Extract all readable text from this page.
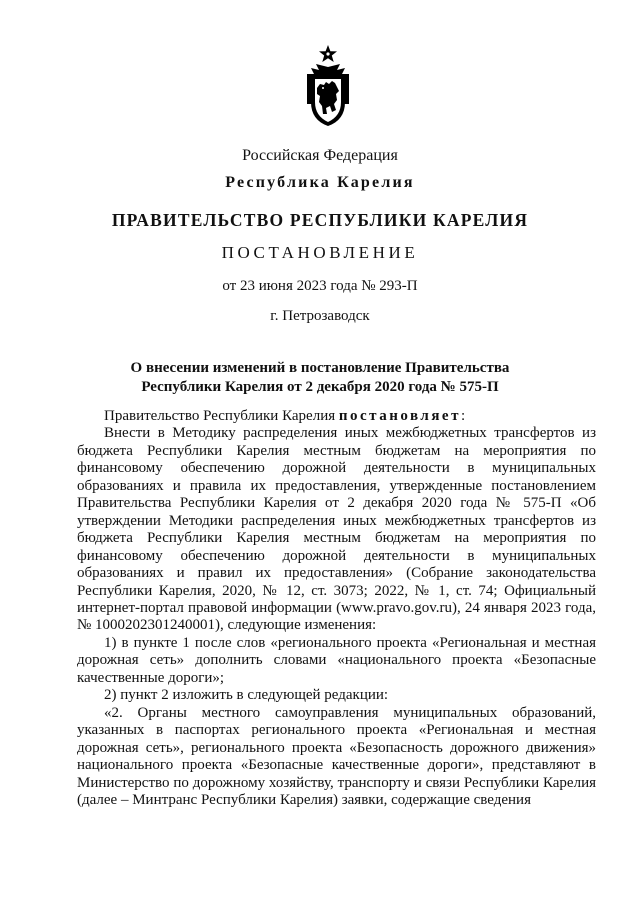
Российская Федерация
Республика Карелия
ПРАВИТЕЛЬСТВО РЕСПУБЛИКИ КАРЕЛИЯ
ПОСТАНОВЛЕНИЕ
от 23 июня 2023 года № 293-П
г. Петрозаводск
О внесении изменений в постановление Правительства
Республики Карелия от 2 декабря 2020 года № 575-П

Правительство Республики Карелия постановляет:

Внести в Методику распределения иных межбюджетных трансфертов из бюджета Республики Карелия местным бюджетам на мероприятия по финансовому обеспечению дорожной деятельности в муниципальных образованиях и правила их предоставления, утвержденные постановлением Правительства Республики Карелия от 2 декабря 2020 года № 575-П «Об утверждении Методики распределения иных межбюджетных трансфертов из бюджета Республики Карелия местным бюджетам на мероприятия по финансовому обеспечению дорожной деятельности в муниципальных образованиях и правил их предоставления» (Собрание законодательства Республики Карелия, 2020, № 12, ст. 3073; 2022, № 1, ст. 74; Официальный интернет-портал правовой информации (www.pravo.gov.ru), 24 января 2023 года, № 1000202301240001), следующие изменения:

1) в пункте 1 после слов «регионального проекта «Региональная и местная дорожная сеть» дополнить словами «национального проекта «Безопасные качественные дороги»;

2) пункт 2 изложить в следующей редакции:

«2. Органы местного самоуправления муниципальных образований, указанных в паспортах регионального проекта «Региональная и местная дорожная сеть», регионального проекта «Безопасность дорожного движения» национального проекта «Безопасные качественные дороги», представляют в Министерство по дорожному хозяйству, транспорту и связи Республики Карелия (далее – Минтранс Республики Карелия) заявки, содержащие сведения
